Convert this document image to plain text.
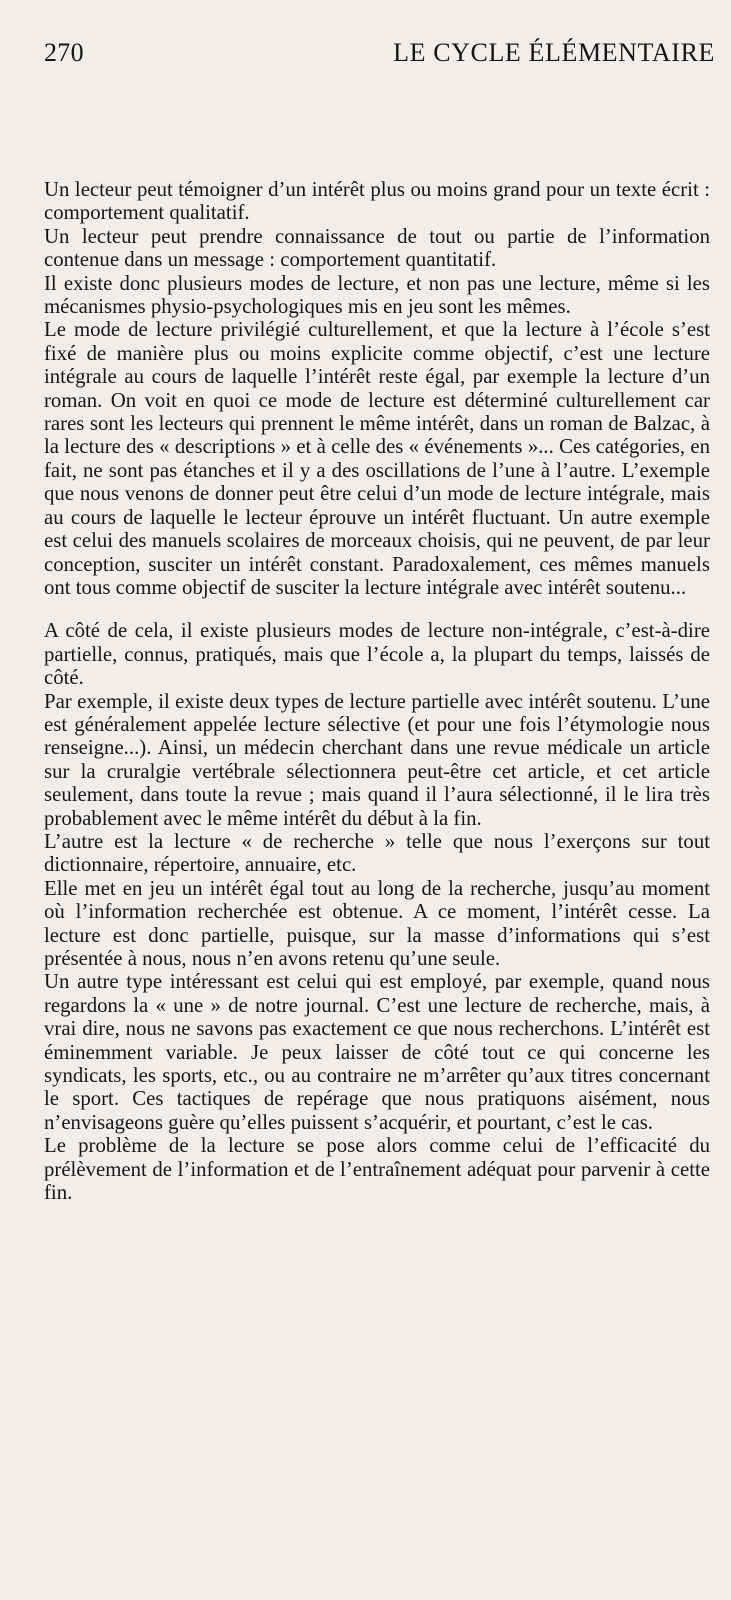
270	LE CYCLE ÉLÉMENTAIRE

Un lecteur peut témoigner d’un intérêt plus ou moins grand pour un texte écrit : comportement qualitatif.

Un lecteur peut prendre connaissance de tout ou partie de l’information contenue dans un message : comportement quantitatif.

Il existe donc plusieurs modes de lecture, et non pas une lecture, même si les mécanismes physio-psychologiques mis en jeu sont les mêmes.

Le mode de lecture privilégié culturellement, et que la lecture à l’école s’est fixé de manière plus ou moins explicite comme objectif, c’est une lecture intégrale au cours de laquelle l’intérêt reste égal, par exemple la lecture d’un roman. On voit en quoi ce mode de lecture est déterminé culturellement car rares sont les lecteurs qui prennent le même intérêt, dans un roman de Balzac, à la lecture des « descriptions » et à celle des « événements »... Ces catégories, en fait, ne sont pas étanches et il y a des oscillations de l’une à l’autre. L’exemple que nous venons de donner peut être celui d’un mode de lecture intégrale, mais au cours de laquelle le lecteur éprouve un intérêt fluctuant. Un autre exemple est celui des manuels scolaires de morceaux choisis, qui ne peuvent, de par leur conception, susciter un intérêt constant. Paradoxalement, ces mêmes manuels ont tous comme objectif de susciter la lecture intégrale avec intérêt soutenu...

A côté de cela, il existe plusieurs modes de lecture non-intégrale, c’est-à-dire partielle, connus, pratiqués, mais que l’école a, la plupart du temps, laissés de côté.

Par exemple, il existe deux types de lecture partielle avec intérêt soutenu. L’une est généralement appelée lecture sélective (et pour une fois l’étymologie nous renseigne...). Ainsi, un médecin cherchant dans une revue médicale un article sur la cruralgie vertébrale sélectionnera peut-être cet article, et cet article seulement, dans toute la revue ; mais quand il l’aura sélectionné, il le lira très probablement avec le même intérêt du début à la fin.

L’autre est la lecture « de recherche » telle que nous l’exerçons sur tout dictionnaire, répertoire, annuaire, etc.

Elle met en jeu un intérêt égal tout au long de la recherche, jusqu’au moment où l’information recherchée est obtenue. A ce moment, l’intérêt cesse. La lecture est donc partielle, puisque, sur la masse d’informations qui s’est présentée à nous, nous n’en avons retenu qu’une seule.

Un autre type intéressant est celui qui est employé, par exemple, quand nous regardons la « une » de notre journal. C’est une lecture de recherche, mais, à vrai dire, nous ne savons pas exactement ce que nous recherchons. L’intérêt est éminemment variable. Je peux laisser de côté tout ce qui concerne les syndicats, les sports, etc., ou au contraire ne m’arrêter qu’aux titres concernant le sport. Ces tactiques de repérage que nous pratiquons aisément, nous n’envisageons guère qu’elles puissent s’acquérir, et pourtant, c’est le cas.

Le problème de la lecture se pose alors comme celui de l’efficacité du prélèvement de l’information et de l’entraînement adéquat pour parvenir à cette fin.
